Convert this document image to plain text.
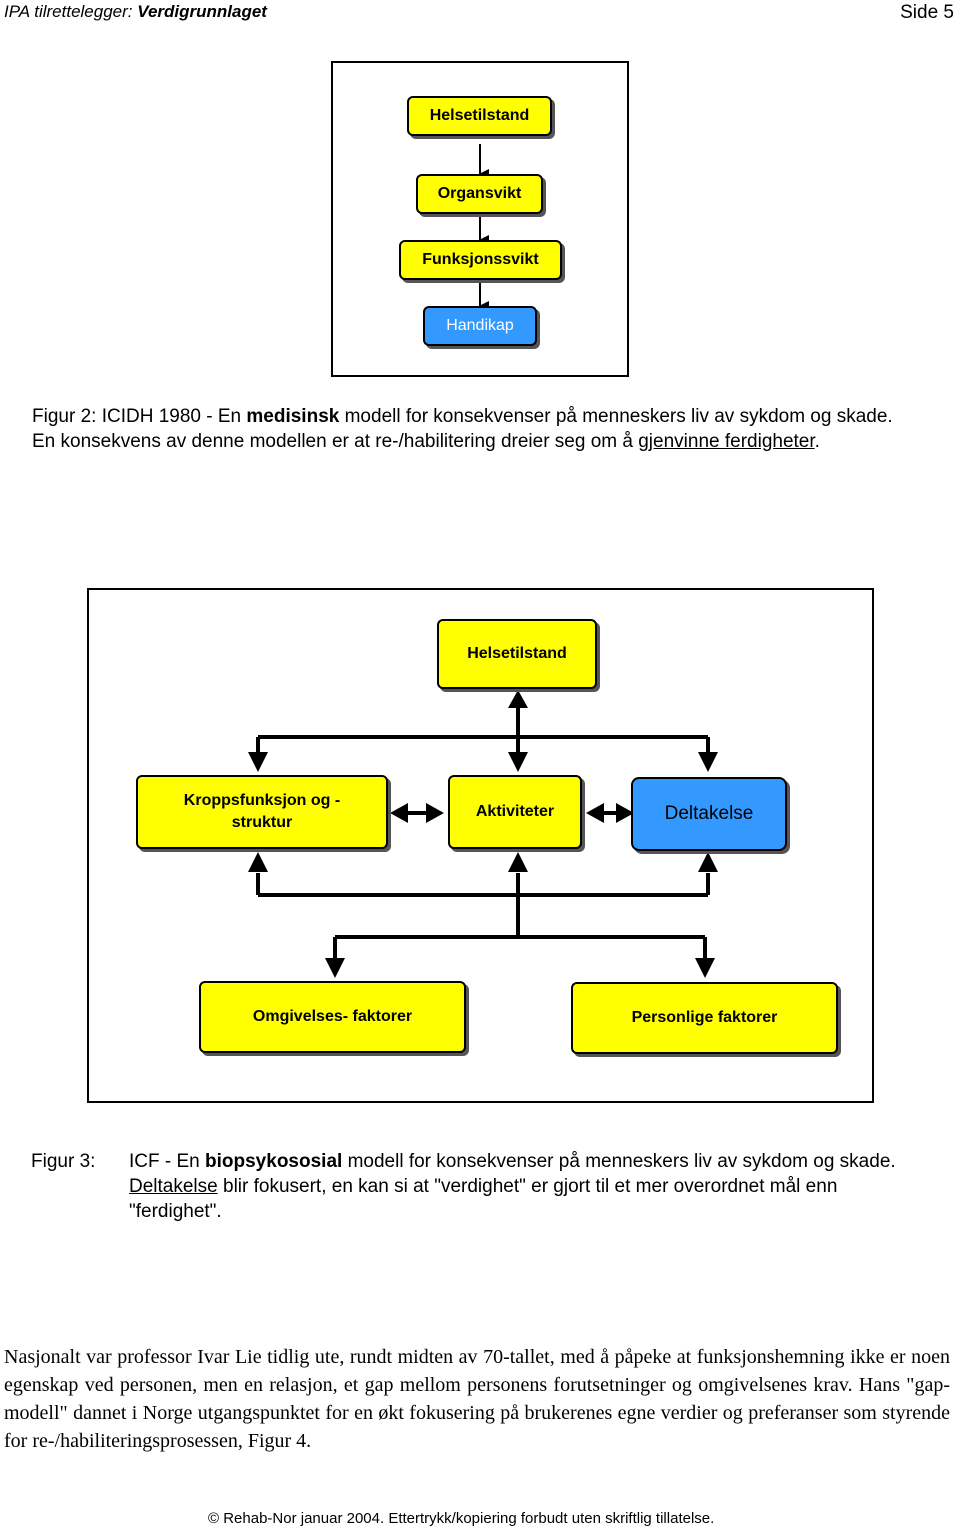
IPA tilrettelegger: Verdigrunnlaget	Side 5
Helsetilstand
Organsvikt
Funksjonssvikt
Handikap
Figur 2: ICIDH 1980 - En medisinsk modell for konsekvenser på menneskers liv av sykdom og skade. En konsekvens av denne modellen er at re-/habilitering dreier seg om å gjenvinne ferdigheter.
Helsetilstand
Kroppsfunksjon og - struktur
Aktiviteter	Deltakelse
Omgivelses- faktorer	Personlige faktorer
Figur 3: ICF - En biopsykososial modell for konsekvenser på menneskers liv av sykdom og skade. Deltakelse blir fokusert, en kan si at "verdighet" er gjort til et mer overordnet mål enn "ferdighet".
Nasjonalt var professor Ivar Lie tidlig ute, rundt midten av 70-tallet, med å påpeke at funksjonshemning ikke er noen egenskap ved personen, men en relasjon, et gap mellom personens forutsetninger og omgivelsenes krav. Hans "gap-modell" dannet i Norge utgangspunktet for en økt fokusering på brukerenes egne verdier og preferanser som styrende for re-/habiliteringsprosessen, Figur 4.
© Rehab-Nor januar 2004. Ettertrykk/kopiering forbudt uten skriftlig tillatelse.
